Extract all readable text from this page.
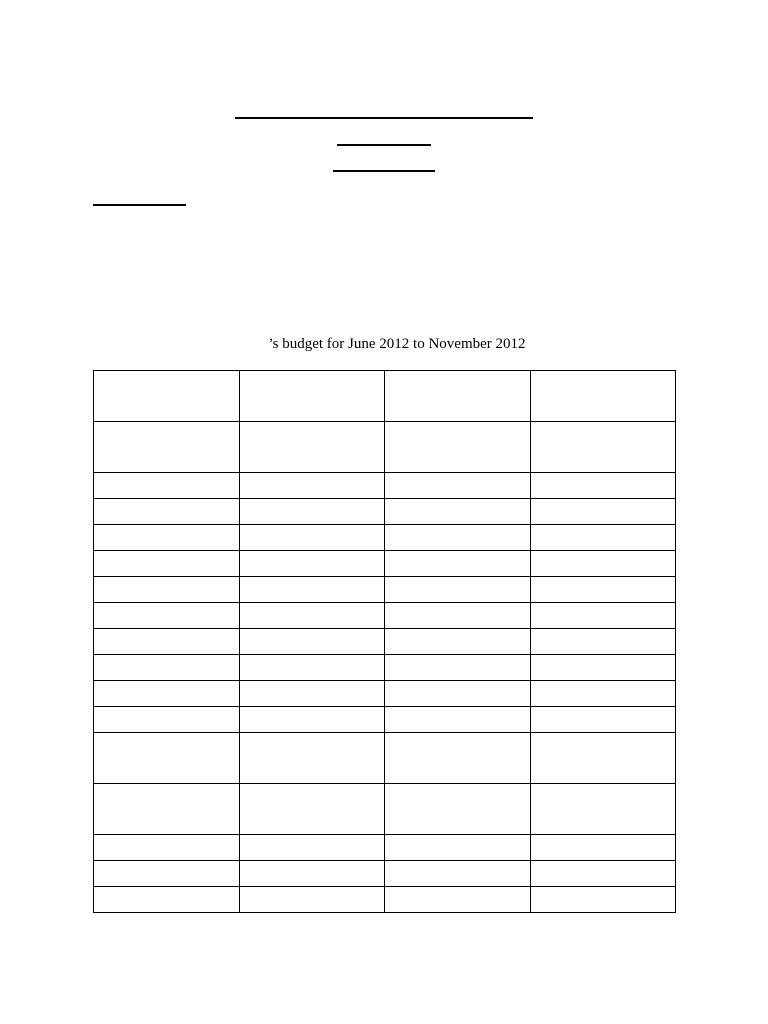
’s budget for June 2012 to November 2012
